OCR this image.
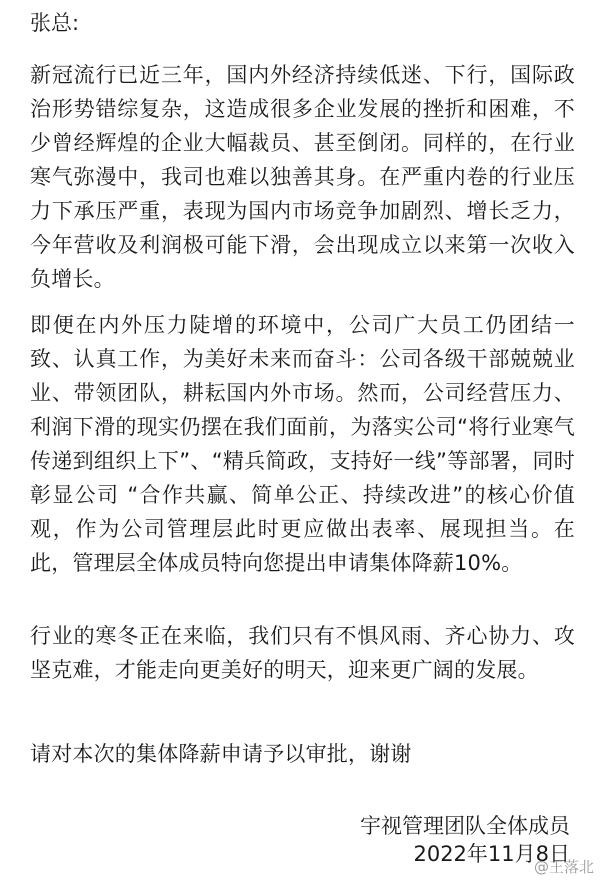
张总:

新冠流行已近三年，国内外经济持续低迷、下行，国际政治形势错综复杂，这造成很多企业发展的挫折和困难，不少曾经辉煌的企业大幅裁员、甚至倒闭。同样的，在行业寒气弥漫中，我司也难以独善其身。在严重内卷的行业压力下承压严重，表现为国内市场竞争加剧烈、增长乏力，今年营收及利润极可能下滑，会出现成立以来第一次收入负增长。

即便在内外压力陡增的环境中，公司广大员工仍团结一致、认真工作，为美好未来而奋斗：公司各级干部兢兢业业、带领团队，耕耘国内外市场。然而，公司经营压力、利润下滑的现实仍摆在我们面前，为落实公司“将行业寒气传递到组织上下”、“精兵简政，支持好一线”等部署，同时彰显公司 “合作共赢、简单公正、持续改进”的核心价值观，作为公司管理层此时更应做出表率、展现担当。在此，管理层全体成员特向您提出申请集体降薪10%。

行业的寒冬正在来临，我们只有不惧风雨、齐心协力、攻坚克难，才能走向更美好的明天，迎来更广阔的发展。

请对本次的集体降薪申请予以审批，谢谢

宇视管理团队全体成员
2022年11月8日
@王落北
